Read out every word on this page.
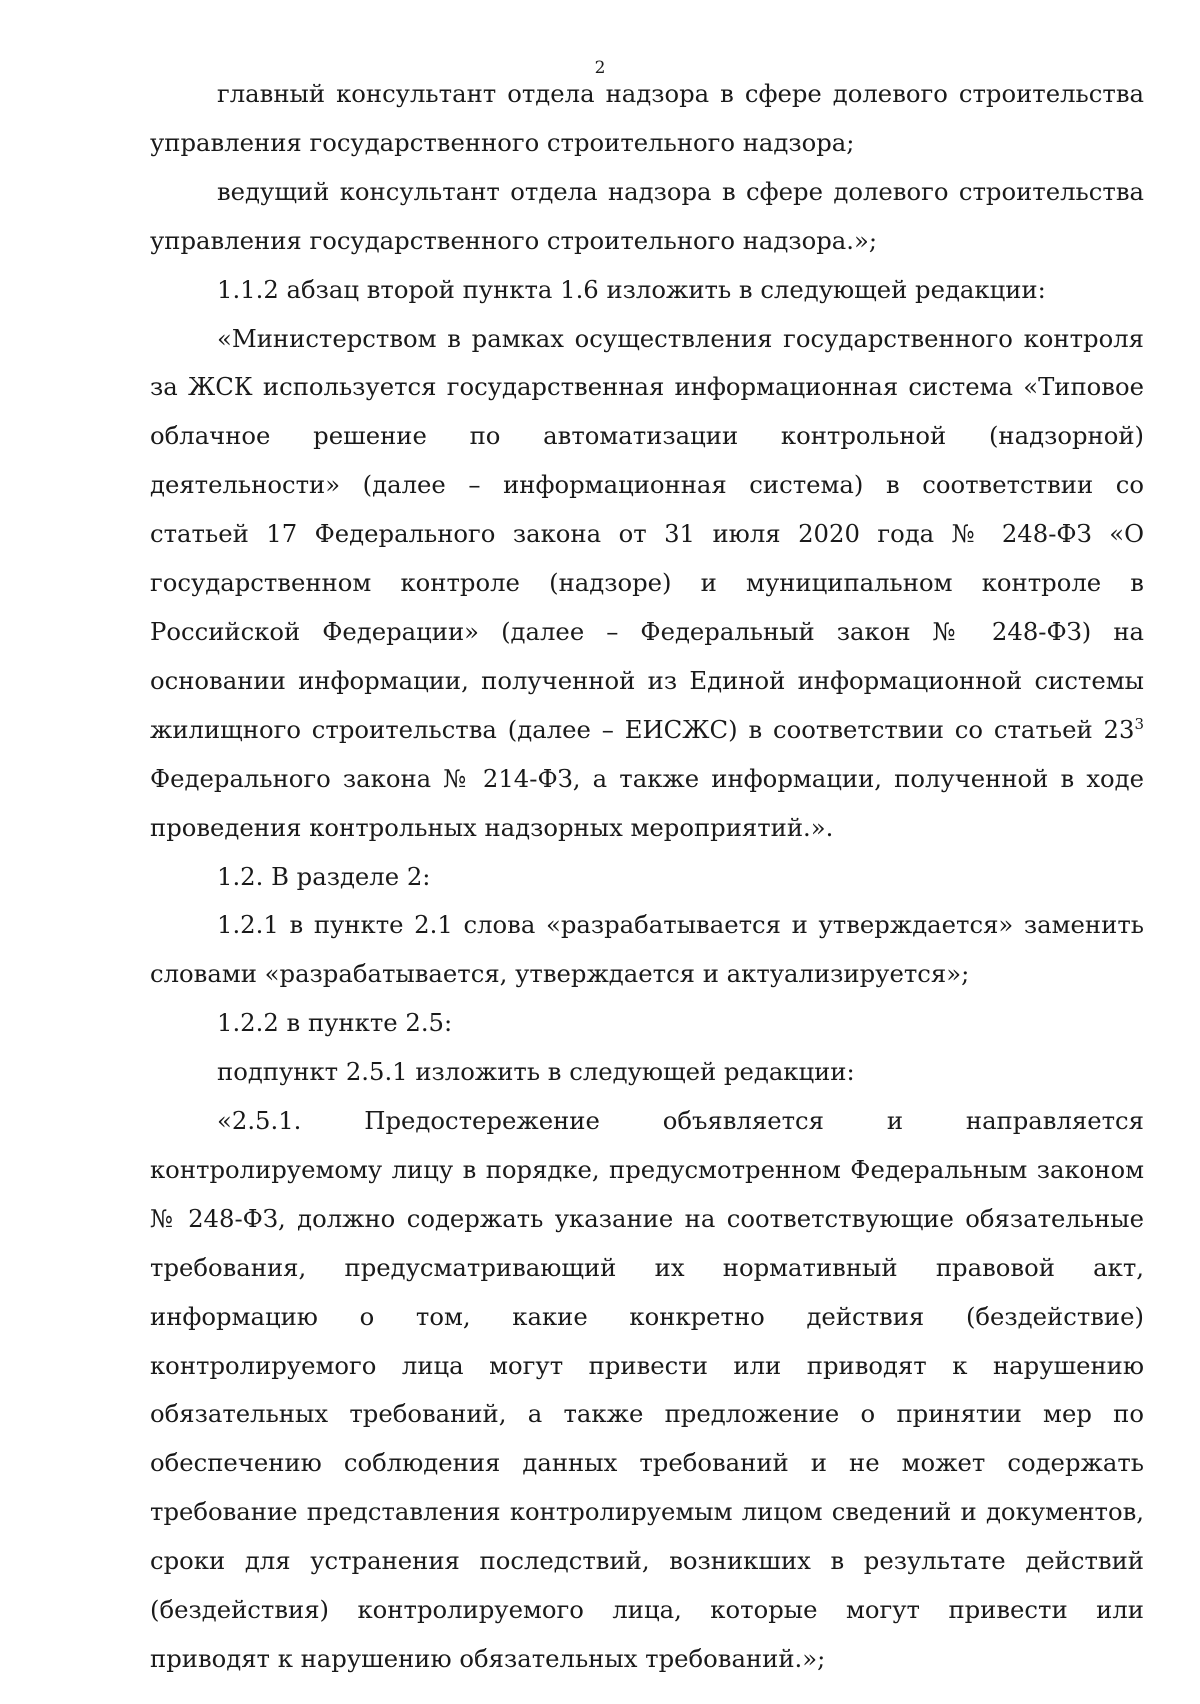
2

главный консультант отдела надзора в сфере долевого строительства управления государственного строительного надзора;

ведущий консультант отдела надзора в сфере долевого строительства управления государственного строительного надзора.»;

1.1.2 абзац второй пункта 1.6 изложить в следующей редакции:

«Министерством в рамках осуществления государственного контроля за ЖСК используется государственная информационная система «Типовое облачное решение по автоматизации контрольной (надзорной) деятельности» (далее – информационная система) в соответствии со статьей 17 Федерального закона от 31 июля 2020 года № 248-ФЗ «О государственном контроле (надзоре) и муниципальном контроле в Российской Федерации» (далее – Федеральный закон № 248-ФЗ) на основании информации, полученной из Единой информационной системы жилищного строительства (далее – ЕИСЖС) в соответствии со статьей $23^3$ Федерального закона № 214-ФЗ, а также информации, полученной в ходе проведения контрольных надзорных мероприятий.».

1.2. В разделе 2:

1.2.1 в пункте 2.1 слова «разрабатывается и утверждается» заменить словами «разрабатывается, утверждается и актуализируется»;

1.2.2 в пункте 2.5:

подпункт 2.5.1 изложить в следующей редакции:

«2.5.1. Предостережение объявляется и направляется контролируемому лицу в порядке, предусмотренном Федеральным законом № 248-ФЗ, должно содержать указание на соответствующие обязательные требования, предусматривающий их нормативный правовой акт, информацию о том, какие конкретно действия (бездействие) контролируемого лица могут привести или приводят к нарушению обязательных требований, а также предложение о принятии мер по обеспечению соблюдения данных требований и не может содержать требование представления контролируемым лицом сведений и документов, сроки для устранения последствий, возникших в результате действий (бездействия) контролируемого лица, которые могут привести или приводят к нарушению обязательных требований.»;
